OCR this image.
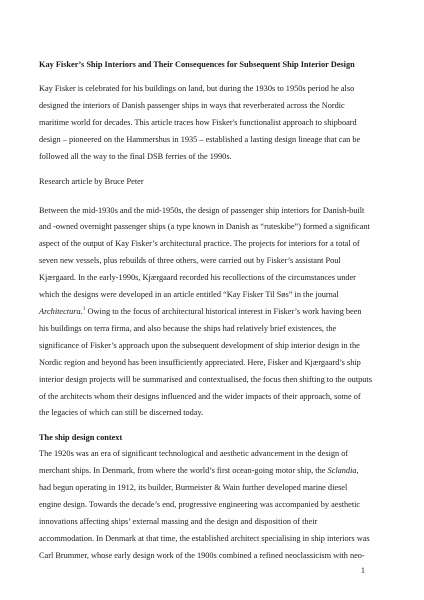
Kay Fisker’s Ship Interiors and Their Consequences for Subsequent Ship Interior Design
Kay Fisker is celebrated for his buildings on land, but during the 1930s to 1950s period he also
designed the interiors of Danish passenger ships in ways that reverberated across the Nordic
maritime world for decades. This article traces how Fisker's functionalist approach to shipboard
design – pioneered on the Hammershus in 1935 – established a lasting design lineage that can be
followed all the way to the final DSB ferries of the 1990s.
Research article by Bruce Peter
Between the mid-1930s and the mid-1950s, the design of passenger ship interiors for Danish-built
and -owned overnight passenger ships (a type known in Danish as “ruteskibe”) formed a significant
aspect of the output of Kay Fisker’s architectural practice. The projects for interiors for a total of
seven new vessels, plus rebuilds of three others, were carried out by Fisker’s assistant Poul
Kjærgaard. In the early-1990s, Kjærgaard recorded his recollections of the circumstances under
which the designs were developed in an article entitled “Kay Fisker Til Søs” in the journal
Architectura.$^1$ Owing to the focus of architectural historical interest in Fisker’s work having been
his buildings on terra firma, and also because the ships had relatively brief existences, the
significance of Fisker’s approach upon the subsequent development of ship interior design in the
Nordic region and beyond has been insufficiently appreciated. Here, Fisker and Kjærgaard’s ship
interior design projects will be summarised and contextualised, the focus then shifting to the outputs
of the architects whom their designs influenced and the wider impacts of their approach, some of
the legacies of which can still be discerned today.
The ship design context
The 1920s was an era of significant technological and aesthetic advancement in the design of
merchant ships. In Denmark, from where the world’s first ocean-going motor ship, the Sclandia,
had begun operating in 1912, its builder, Burmeister & Wain further developed marine diesel
engine design. Towards the decade’s end, progressive engineering was accompanied by aesthetic
innovations affecting ships’ external massing and the design and disposition of their
accommodation. In Denmark at that time, the established architect specialising in ship interiors was
Carl Brummer, whose early design work of the 1900s combined a refined neoclassicism with neo-
1
